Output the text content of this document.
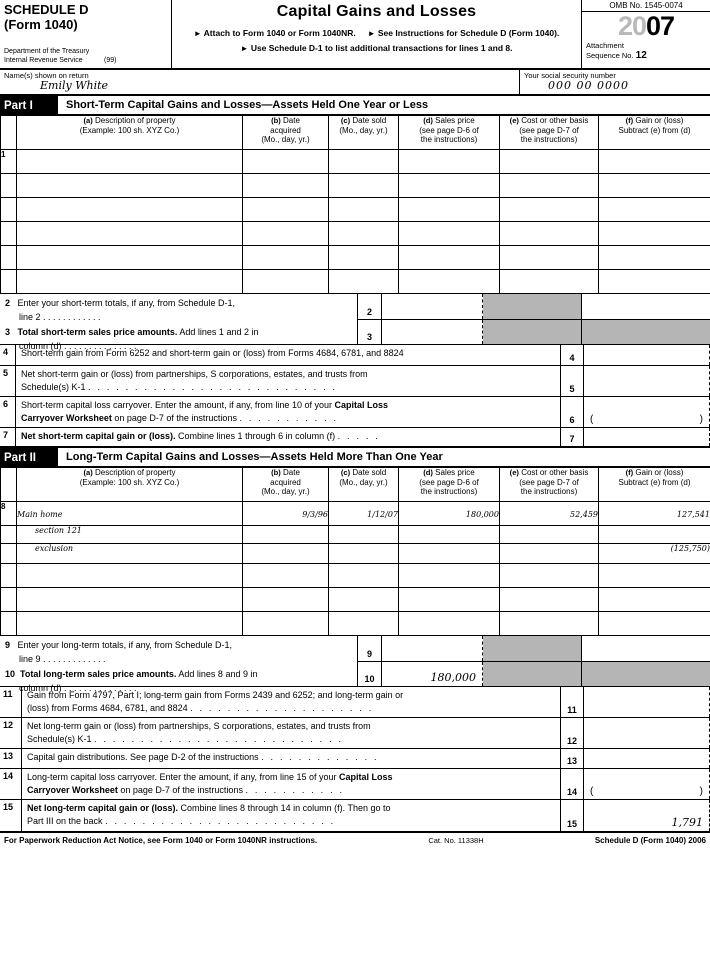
SCHEDULE D
(Form 1040)
Department of the Treasury
Internal Revenue Service	(99)
Capital Gains and Losses
► Attach to Form 1040 or Form 1040NR. ► See Instructions for Schedule D (Form 1040).
► Use Schedule D-1 to list additional transactions for lines 1 and 8.
OMB No. 1545-0074
2007
Attachment
Sequence No. 12
Name(s) shown on return
Emily White
Your social security number
000 00 0000
Part I	Short-Term Capital Gains and Losses—Assets Held One Year or Less
	(a) Description of property
(Example: 100 sh. XYZ Co.)	(b) Date
acquired
(Mo., day, yr.)	(c) Date sold
(Mo., day, yr.)	(d) Sales price
(see page D-6 of
the instructions)	(e) Cost or other basis
(see page D-7 of
the instructions)	(f) Gain or (loss)
Subtract (e) from (d)
1						

2 Enter your short-term totals, if any, from Schedule D-1,
line 2 . . . . . . . . . . . .
3 Total short-term sales price amounts. Add lines 1 and 2 in
column (d) . . . . . . . . . . . . . . .
2
3
4	Short-term gain from Form 6252 and short-term gain or (loss) from Forms 4684, 6781, and 8824	4
5	Net short-term gain or (loss) from partnerships, S corporations, estates, and trusts from
Schedule(s) K-1 . . . . . . . . . . . . . . . . . . . . . . . . . . .	5
6	Short-term capital loss carryover. Enter the amount, if any, from line 10 of your Capital Loss
Carryover Worksheet on page D-7 of the instructions . . . . . . . . . . .	6	(	)
7	Net short-term capital gain or (loss). Combine lines 1 through 6 in column (f) . . . . .	7
Part II	Long-Term Capital Gains and Losses—Assets Held More Than One Year
	(a) Description of property
(Example: 100 sh. XYZ Co.)	(b) Date
acquired
(Mo., day, yr.)	(c) Date sold
(Mo., day, yr.)	(d) Sales price
(see page D-6 of
the instructions)	(e) Cost or other basis
(see page D-7 of
the instructions)	(f) Gain or (loss)
Subtract (e) from (d)
8	Main home	9/3/96	1/12/07	180,000	52,459	127,541
	section 121					
	exclusion					(125,750)

9 Enter your long-term totals, if any, from Schedule D-1,
line 9 . . . . . . . . . . . . .
10 Total long-term sales price amounts. Add lines 8 and 9 in
column (d) . . . . . . . . . . . . . . .
9
10	180,000
11	Gain from Form 4797, Part I; long-term gain from Forms 2439 and 6252; and long-term gain or
(loss) from Forms 4684, 6781, and 8824 . . . . . . . . . . . . . . . . . . . .	11
12	Net long-term gain or (loss) from partnerships, S corporations, estates, and trusts from
Schedule(s) K-1 . . . . . . . . . . . . . . . . . . . . . . . . . . .	12
13	Capital gain distributions. See page D-2 of the instructions . . . . . . . . . . . . .	13
14	Long-term capital loss carryover. Enter the amount, if any, from line 15 of your Capital Loss
Carryover Worksheet on page D-7 of the instructions . . . . . . . . . . .	14	(	)
15	Net long-term capital gain or (loss). Combine lines 8 through 14 in column (f). Then go to
Part III on the back . . . . . . . . . . . . . . . . . . . . . . . . .	15	1,791
For Paperwork Reduction Act Notice, see Form 1040 or Form 1040NR instructions.	Cat. No. 11338H	Schedule D (Form 1040) 2006
